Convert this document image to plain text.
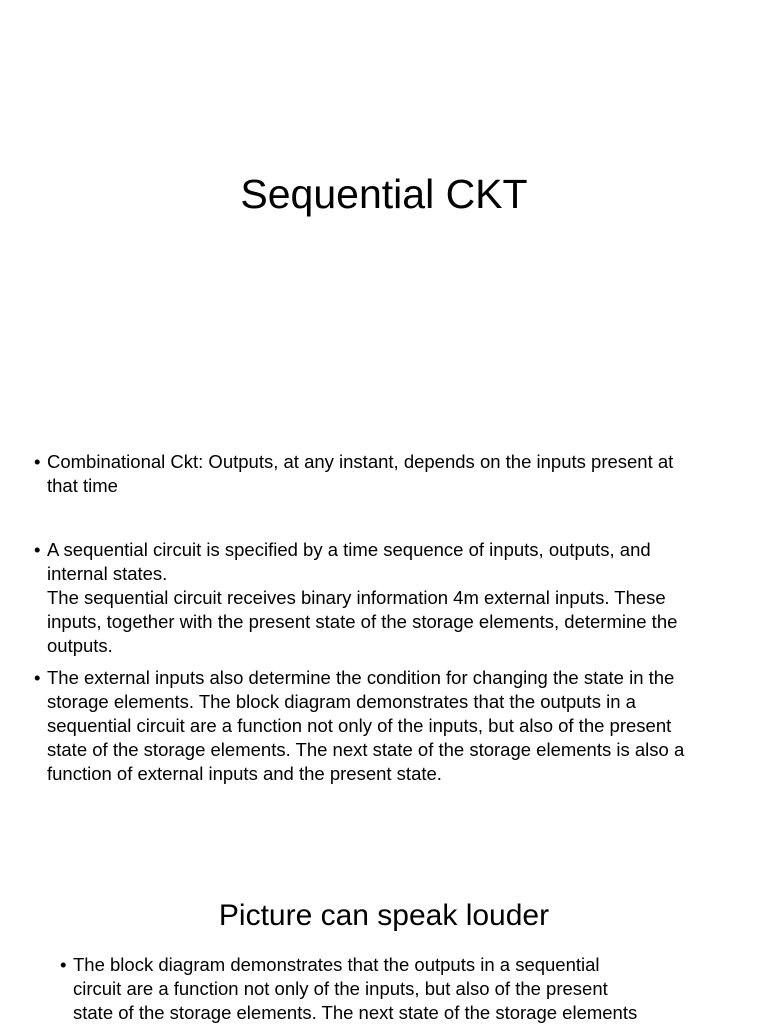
Sequential CKT
• Combinational Ckt: Outputs, at any instant, depends on the inputs present at
that time
• A sequential circuit is specified by a time sequence of inputs, outputs, and
internal states.
The sequential circuit receives binary information 4m external inputs. These
inputs, together with the present state of the storage elements, determine the
outputs.
• The external inputs also determine the condition for changing the state in the
storage elements. The block diagram demonstrates that the outputs in a
sequential circuit are a function not only of the inputs, but also of the present
state of the storage elements. The next state of the storage elements is also a
function of external inputs and the present state.
Picture can speak louder
• The block diagram demonstrates that the outputs in a sequential
circuit are a function not only of the inputs, but also of the present
state of the storage elements. The next state of the storage elements
